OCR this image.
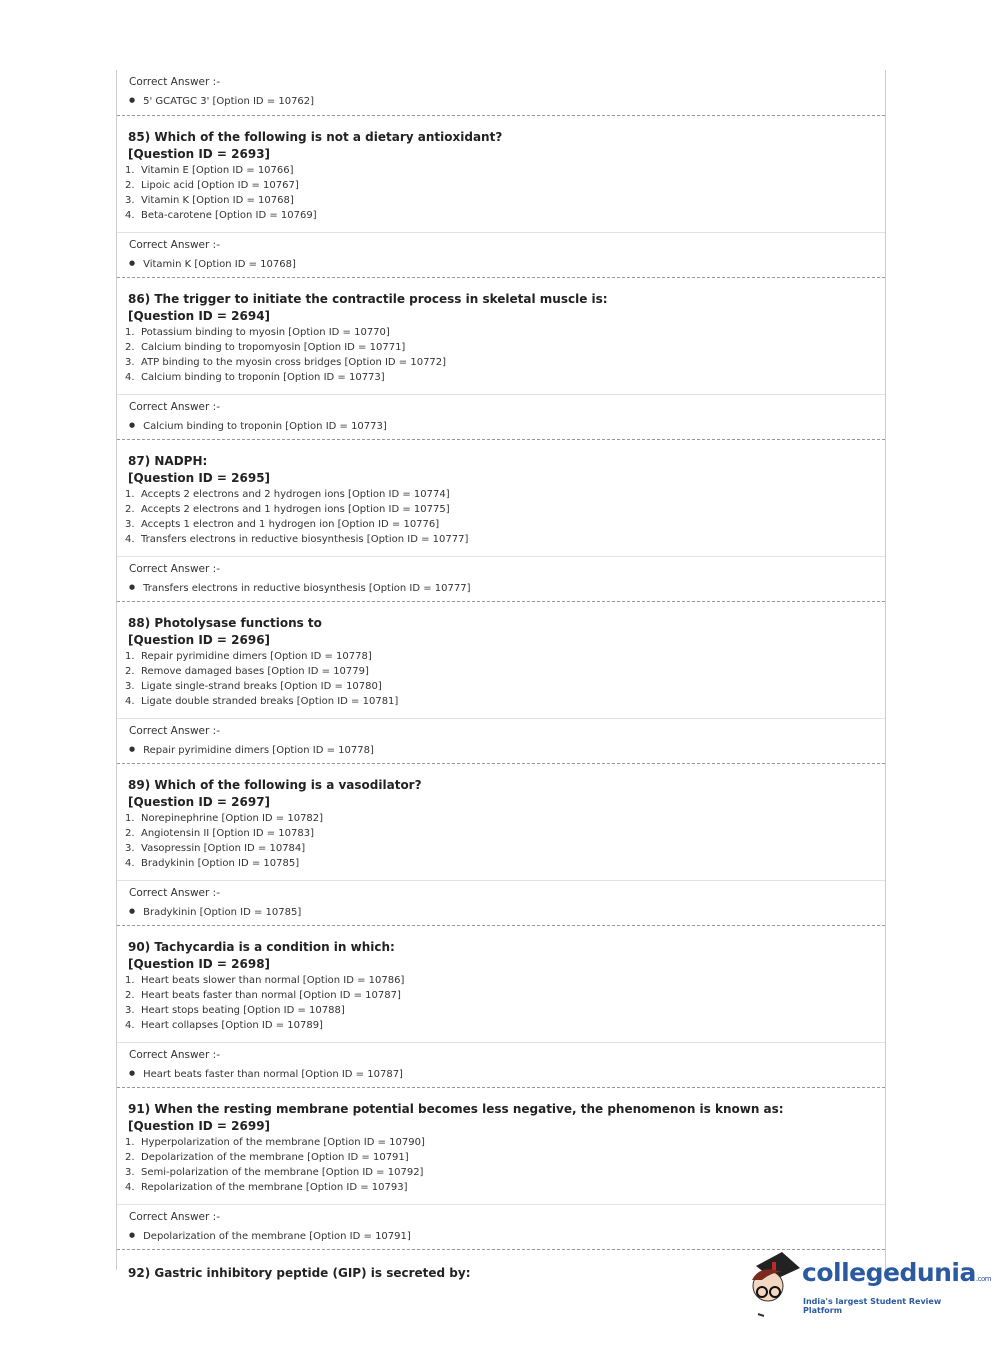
Correct Answer :-
● 5' GCATGC 3' [Option ID = 10762]
85) Which of the following is not a dietary antioxidant?
[Question ID = 2693]
1. Vitamin E [Option ID = 10766]
2. Lipoic acid [Option ID = 10767]
3. Vitamin K [Option ID = 10768]
4. Beta-carotene [Option ID = 10769]
Correct Answer :-
● Vitamin K [Option ID = 10768]
86) The trigger to initiate the contractile process in skeletal muscle is:
[Question ID = 2694]
1. Potassium binding to myosin [Option ID = 10770]
2. Calcium binding to tropomyosin [Option ID = 10771]
3. ATP binding to the myosin cross bridges [Option ID = 10772]
4. Calcium binding to troponin [Option ID = 10773]
Correct Answer :-
● Calcium binding to troponin [Option ID = 10773]
87) NADPH:
[Question ID = 2695]
1. Accepts 2 electrons and 2 hydrogen ions [Option ID = 10774]
2. Accepts 2 electrons and 1 hydrogen ions [Option ID = 10775]
3. Accepts 1 electron and 1 hydrogen ion [Option ID = 10776]
4. Transfers electrons in reductive biosynthesis [Option ID = 10777]
Correct Answer :-
● Transfers electrons in reductive biosynthesis [Option ID = 10777]
88) Photolysase functions to
[Question ID = 2696]
1. Repair pyrimidine dimers [Option ID = 10778]
2. Remove damaged bases [Option ID = 10779]
3. Ligate single-strand breaks [Option ID = 10780]
4. Ligate double stranded breaks [Option ID = 10781]
Correct Answer :-
● Repair pyrimidine dimers [Option ID = 10778]
89) Which of the following is a vasodilator?
[Question ID = 2697]
1. Norepinephrine [Option ID = 10782]
2. Angiotensin II [Option ID = 10783]
3. Vasopressin [Option ID = 10784]
4. Bradykinin [Option ID = 10785]
Correct Answer :-
● Bradykinin [Option ID = 10785]
90) Tachycardia is a condition in which:
[Question ID = 2698]
1. Heart beats slower than normal [Option ID = 10786]
2. Heart beats faster than normal [Option ID = 10787]
3. Heart stops beating [Option ID = 10788]
4. Heart collapses [Option ID = 10789]
Correct Answer :-
● Heart beats faster than normal [Option ID = 10787]
91) When the resting membrane potential becomes less negative, the phenomenon is known as:
[Question ID = 2699]
1. Hyperpolarization of the membrane [Option ID = 10790]
2. Depolarization of the membrane [Option ID = 10791]
3. Semi-polarization of the membrane [Option ID = 10792]
4. Repolarization of the membrane [Option ID = 10793]
Correct Answer :-
● Depolarization of the membrane [Option ID = 10791]
92) Gastric inhibitory peptide (GIP) is secreted by:	collegedunia.com
India's largest Student Review Platform
